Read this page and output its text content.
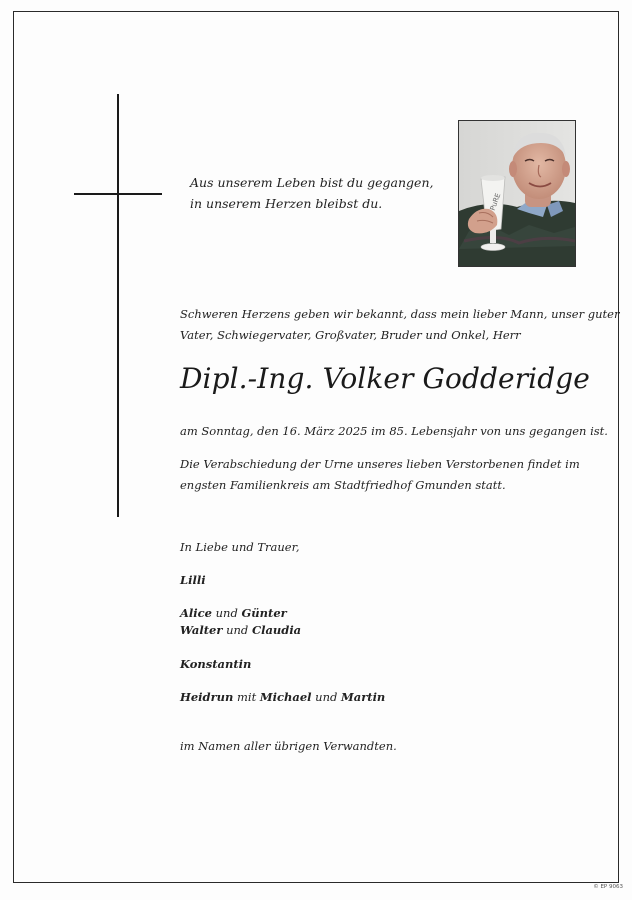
Aus unserem Leben bist du gegangen,
in unserem Herzen bleibst du.	PuRE
Schweren Herzens geben wir bekannt, dass mein lieber Mann, unser guter
Vater, Schwiegervater, Großvater, Bruder und Onkel, Herr
Dipl.-Ing. Volker Godderidge
am Sonntag, den 16. März 2025 im 85. Lebensjahr von uns gegangen ist.
Die Verabschiedung der Urne unseres lieben Verstorbenen findet im
engsten Familienkreis am Stadtfriedhof Gmunden statt.
In Liebe und Trauer,
Lilli
Alice und Günter
Walter und Claudia
Konstantin
Heidrun mit Michael und Martin
im Namen aller übrigen Verwandten.
© EP 9063
